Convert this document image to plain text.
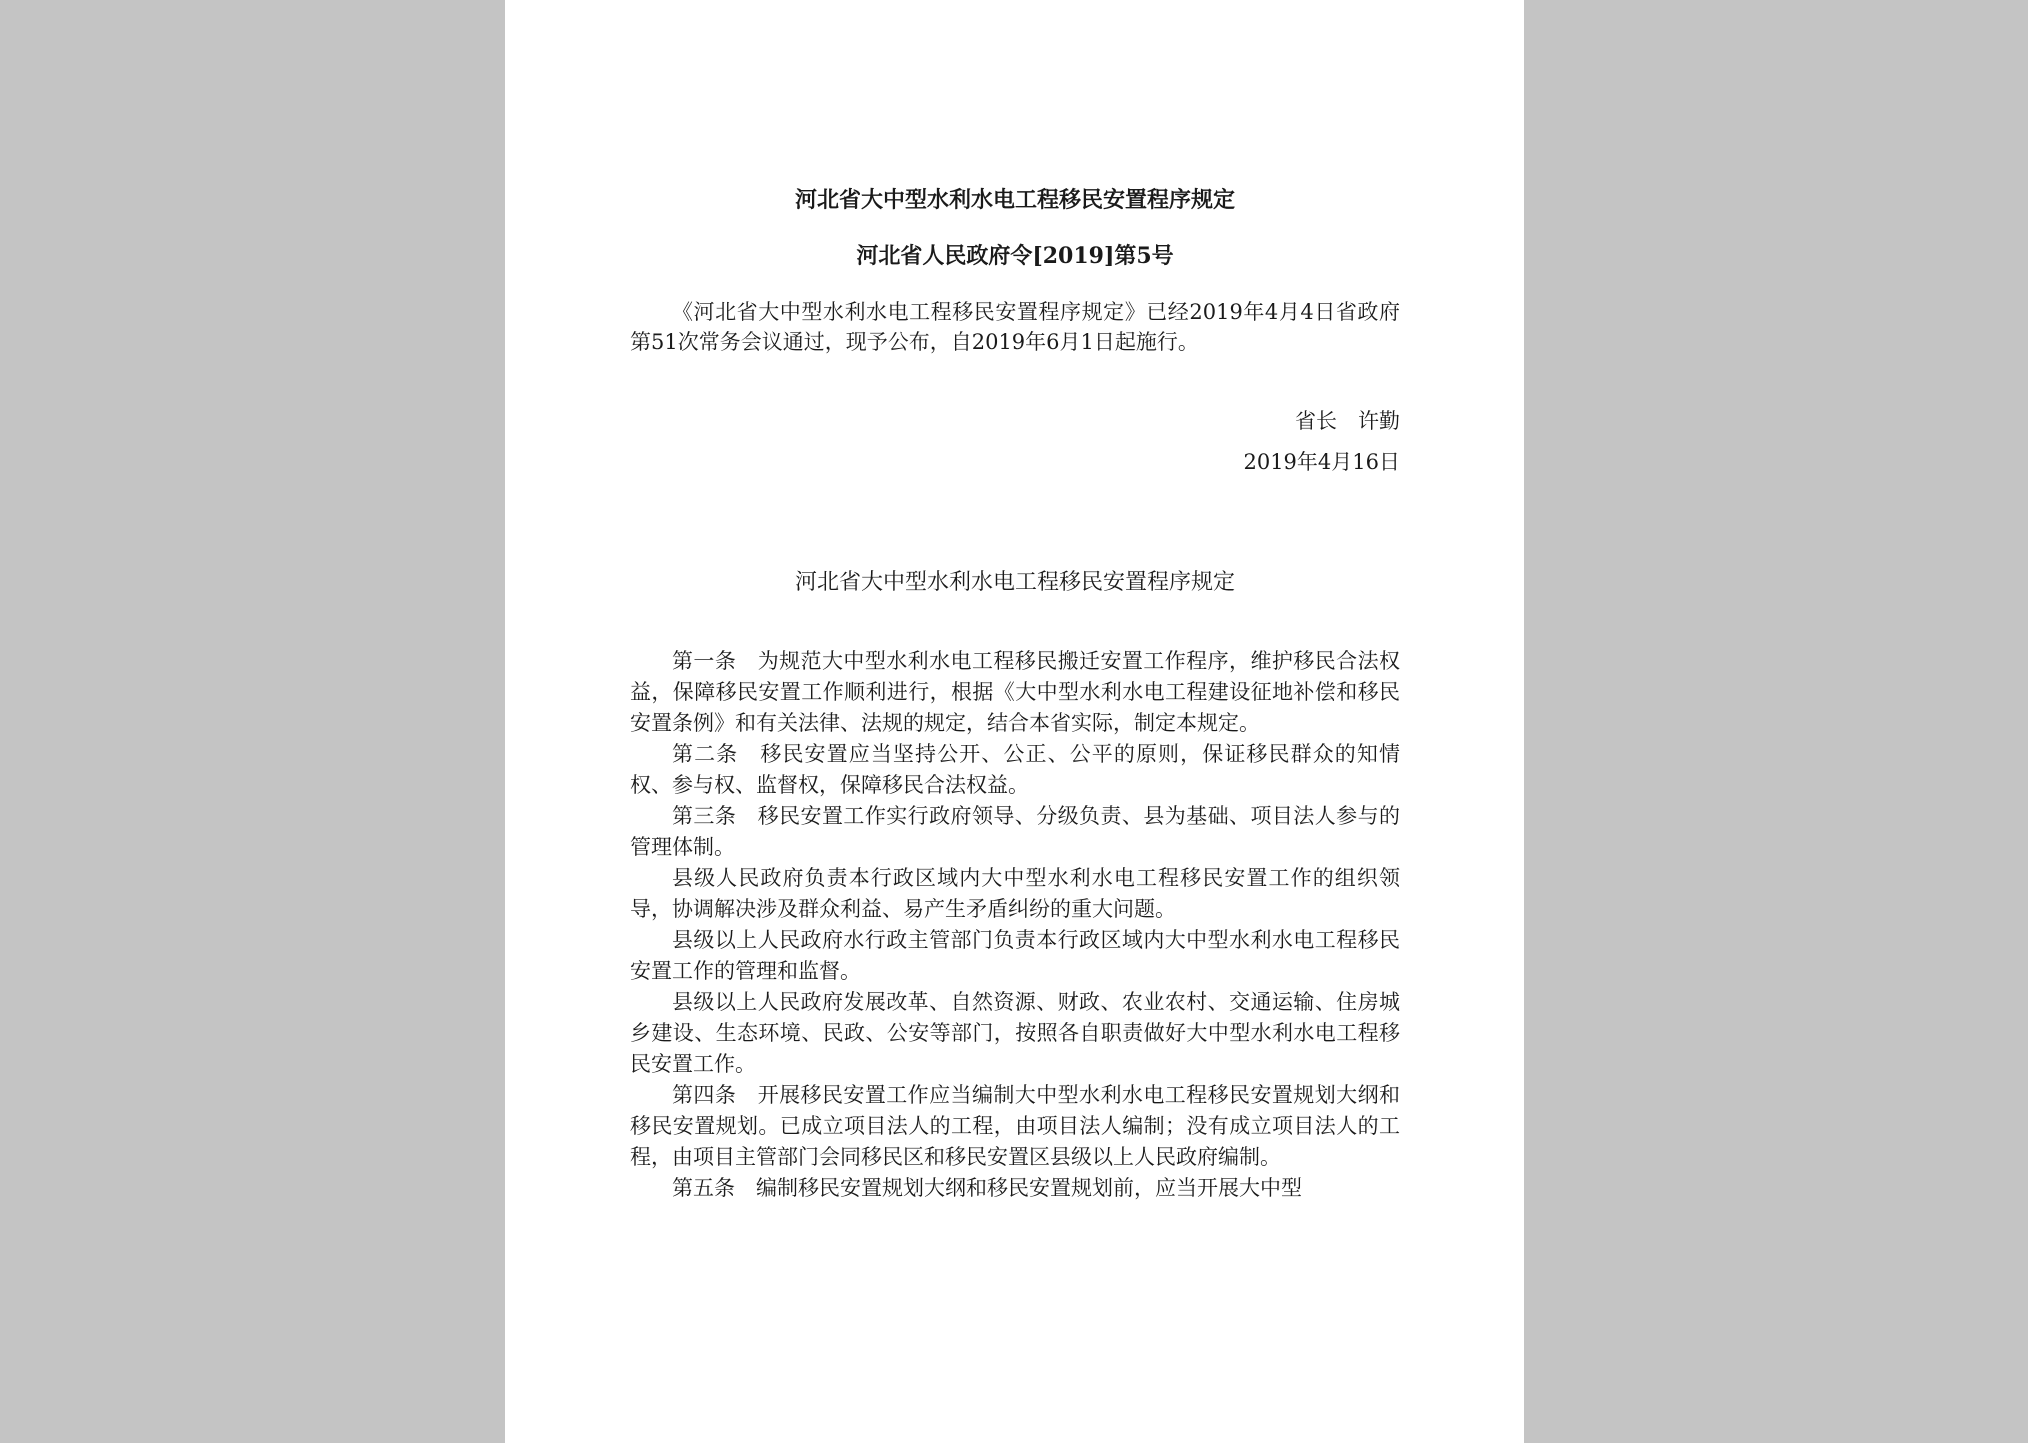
河北省大中型水利水电工程移民安置程序规定
河北省人民政府令[2019]第5号

《河北省大中型水利水电工程移民安置程序规定》已经2019年4月4日省政府第51次常务会议通过，现予公布，自2019年6月1日起施行。

省长　许勤
2019年4月16日
河北省大中型水利水电工程移民安置程序规定

第一条　为规范大中型水利水电工程移民搬迁安置工作程序，维护移民合法权益，保障移民安置工作顺利进行，根据《大中型水利水电工程建设征地补偿和移民安置条例》和有关法律、法规的规定，结合本省实际，制定本规定。

第二条　移民安置应当坚持公开、公正、公平的原则，保证移民群众的知情权、参与权、监督权，保障移民合法权益。

第三条　移民安置工作实行政府领导、分级负责、县为基础、项目法人参与的管理体制。

县级人民政府负责本行政区域内大中型水利水电工程移民安置工作的组织领导，协调解决涉及群众利益、易产生矛盾纠纷的重大问题。

县级以上人民政府水行政主管部门负责本行政区域内大中型水利水电工程移民安置工作的管理和监督。

县级以上人民政府发展改革、自然资源、财政、农业农村、交通运输、住房城乡建设、生态环境、民政、公安等部门，按照各自职责做好大中型水利水电工程移民安置工作。

第四条　开展移民安置工作应当编制大中型水利水电工程移民安置规划大纲和移民安置规划。已成立项目法人的工程，由项目法人编制；没有成立项目法人的工程，由项目主管部门会同移民区和移民安置区县级以上人民政府编制。

第五条　编制移民安置规划大纲和移民安置规划前，应当开展大中型
